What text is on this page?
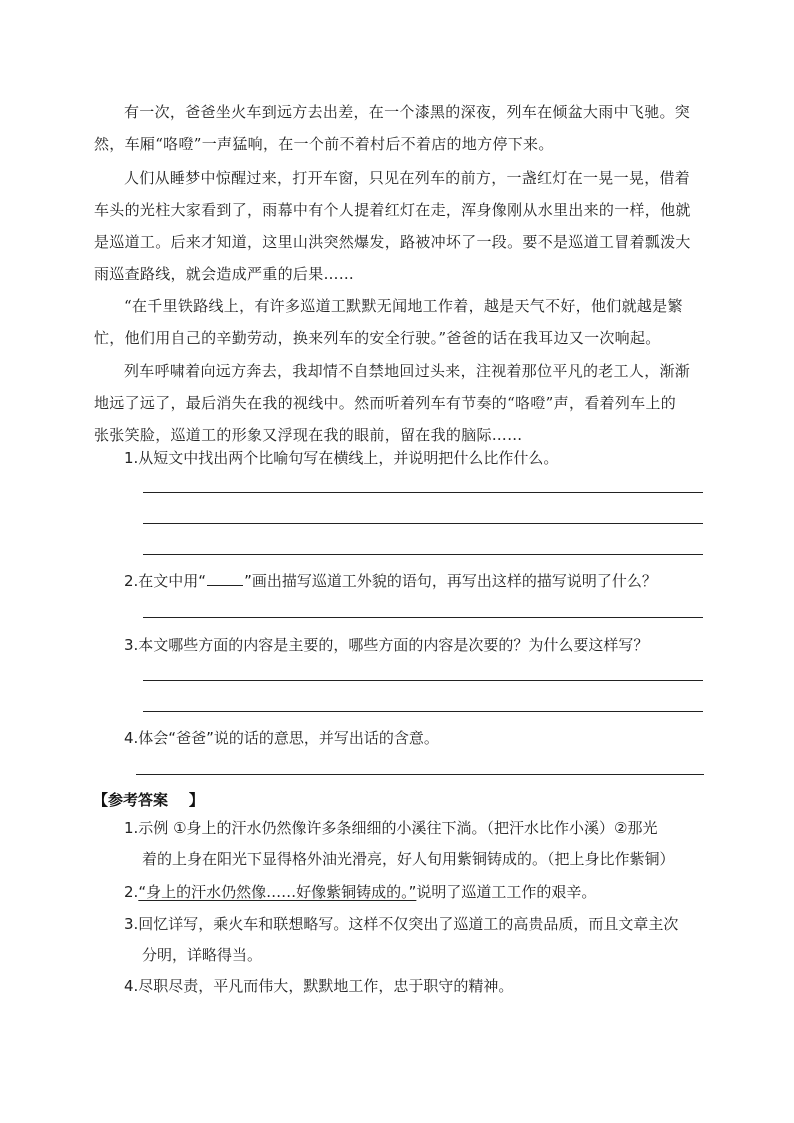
有一次，爸爸坐火车到远方去出差，在一个漆黑的深夜，列车在倾盆大雨中飞驰。突

然，车厢“咯噔”一声猛响，在一个前不着村后不着店的地方停下来。

人们从睡梦中惊醒过来，打开车窗，只见在列车的前方，一盏红灯在一晃一晃，借着

车头的光柱大家看到了，雨幕中有个人提着红灯在走，浑身像刚从水里出来的一样，他就

是巡道工。后来才知道，这里山洪突然爆发，路被冲坏了一段。要不是巡道工冒着瓢泼大

雨巡查路线，就会造成严重的后果……

“在千里铁路线上，有许多巡道工默默无闻地工作着，越是天气不好，他们就越是繁

忙，他们用自己的辛勤劳动，换来列车的安全行驶。”爸爸的话在我耳边又一次响起。

列车呼啸着向远方奔去，我却情不自禁地回过头来，注视着那位平凡的老工人，渐渐

地远了远了，最后消失在我的视线中。然而听着列车有节奏的“咯噔”声，看着列车上的

张张笑脸，巡道工的形象又浮现在我的眼前，留在我的脑际……

1.从短文中找出两个比喻句写在横线上，并说明把什么比作什么。
2.在文中用“	”画出描写巡道工外貌的语句，再写出这样的描写说明了什么？
3.本文哪些方面的内容是主要的，哪些方面的内容是次要的？为什么要这样写？
4.体会“爸爸”说的话的意思，并写出话的含意。
【参考答案    】
1.示例 ①身上的汗水仍然像许多条细细的小溪往下淌。（把汗水比作小溪）②那光
着的上身在阳光下显得格外油光滑亮，好人旬用紫铜铸成的。（把上身比作紫铜）
2.“身上的汗水仍然像……好像紫铜铸成的。”说明了巡道工工作的艰辛。
3.回忆详写，乘火车和联想略写。这样不仅突出了巡道工的高贵品质，而且文章主次
分明，详略得当。
4.尽职尽责，平凡而伟大，默默地工作，忠于职守的精神。
